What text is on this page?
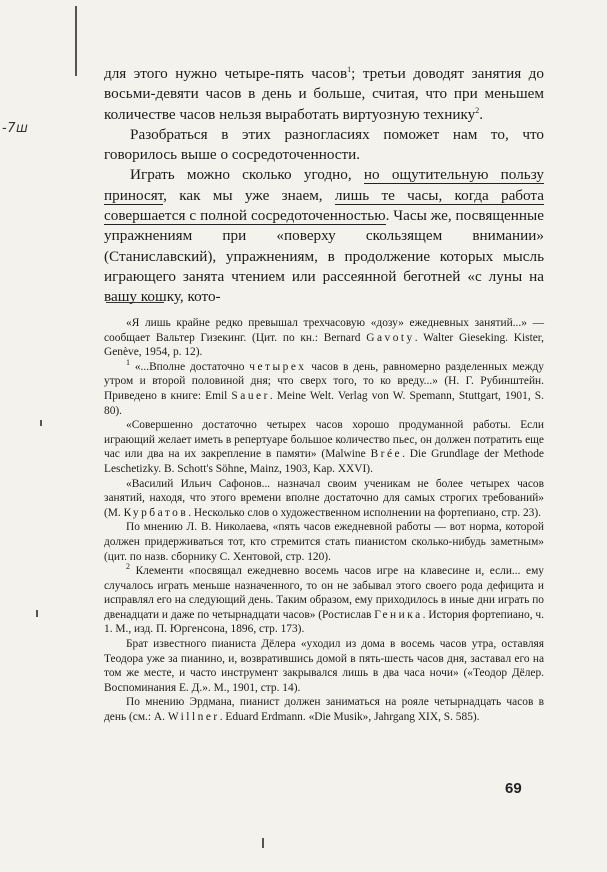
-7ш

для этого нужно четыре-пять часов$^1$; третьи доводят занятия до восьми-девяти часов в день и больше, считая, что при меньшем количестве часов нельзя выработать виртуозную технику$^2$.

Разобраться в этих разногласиях поможет нам то, что говорилось выше о сосредоточенности.

Играть можно сколько угодно, но ощутительную пользу приносят, как мы уже знаем, лишь те часы, когда работа совершается с полной сосредоточенностью. Часы же, посвященные упражнениям при «поверху скользящем внимании» (Станиславский), упражнениям, в продолжение которых мысль играющего занята чтением или рассеянной беготней «с луны на вашу кошку, кото-

«Я лишь крайне редко превышал трехчасовую «дозу» ежедневных занятий...» — сообщает Вальтер Гизекинг. (Цит. по кн.: Bernard Gavoty. Walter Gieseking. Kister, Genève, 1954, p. 12).

$^1$ «...Вполне достаточно четырех часов в день, равномерно разделенных между утром и второй половиной дня; что сверх того, то ко вреду...» (Н. Г. Рубинштейн. Приведено в книге: Emil Sauer. Meine Welt. Verlag von W. Spemann, Stuttgart, 1901, S. 80).

«Совершенно достаточно четырех часов хорошо продуманной работы. Если играющий желает иметь в репертуаре большое количество пьес, он должен потратить еще час или два на их закрепление в памяти» (Malwine Brée. Die Grundlage der Methode Leschetizky. B. Schott's Söhne, Mainz, 1903, Kap. XXVI).

«Василий Ильич Сафонов... назначал своим ученикам не более четырех часов занятий, находя, что этого времени вполне достаточно для самых строгих требований» (М. Курбатов. Несколько слов о художественном исполнении на фортепиано, стр. 23).

По мнению Л. В. Николаева, «пять часов ежедневной работы — вот норма, которой должен придерживаться тот, кто стремится стать пианистом сколько-нибудь заметным» (цит. по назв. сборнику С. Хентовой, стр. 120).

$^2$ Клементи «посвящал ежедневно восемь часов игре на клавесине и, если... ему случалось играть меньше назначенного, то он не забывал этого своего рода дефицита и исправлял его на следующий день. Таким образом, ему приходилось в иные дни играть по двенадцати и даже по четырнадцати часов» (Ростислав Геника. История фортепиано, ч. 1. М., изд. П. Юргенсона, 1896, стр. 173).

Брат известного пианиста Дёлера «уходил из дома в восемь часов утра, оставляя Теодора уже за пианино, и, возвратившись домой в пять-шесть часов дня, заставал его на том же месте, и часто инструмент закрывался лишь в два часа ночи» («Теодор Дёлер. Воспоминания Е. Д.». М., 1901, стр. 14).

По мнению Эрдмана, пианист должен заниматься на рояле четырнадцать часов в день (см.: A. Willner. Eduard Erdmann. «Die Musik», Jahrgang XIX, S. 585).

69
